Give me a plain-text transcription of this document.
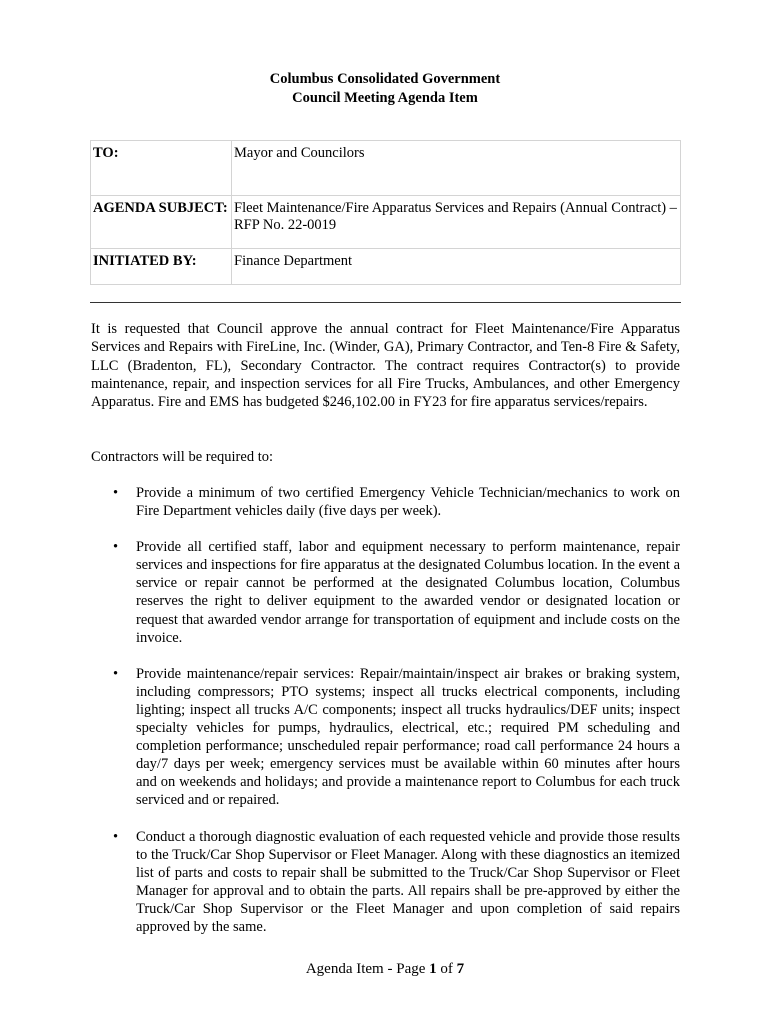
Columbus Consolidated Government
Council Meeting Agenda Item
TO:	Mayor and Councilors
AGENDA SUBJECT:	Fleet Maintenance/Fire Apparatus Services and Repairs (Annual Contract) – RFP No. 22-0019
INITIATED BY:	Finance Department

It is requested that Council approve the annual contract for Fleet Maintenance/Fire Apparatus Services and Repairs with FireLine, Inc. (Winder, GA), Primary Contractor, and Ten-8 Fire & Safety, LLC (Bradenton, FL), Secondary Contractor. The contract requires Contractor(s) to provide maintenance, repair, and inspection services for all Fire Trucks, Ambulances, and other Emergency Apparatus. Fire and EMS has budgeted $246,102.00 in FY23 for fire apparatus services/repairs.

Contractors will be required to:

• Provide a minimum of two certified Emergency Vehicle Technician/mechanics to work on Fire Department vehicles daily (five days per week).
• Provide all certified staff, labor and equipment necessary to perform maintenance, repair services and inspections for fire apparatus at the designated Columbus location. In the event a service or repair cannot be performed at the designated Columbus location, Columbus reserves the right to deliver equipment to the awarded vendor or designated location or request that awarded vendor arrange for transportation of equipment and include costs on the invoice.
• Provide maintenance/repair services: Repair/maintain/inspect air brakes or braking system, including compressors; PTO systems; inspect all trucks electrical components, including lighting; inspect all trucks A/C components; inspect all trucks hydraulics/DEF units; inspect specialty vehicles for pumps, hydraulics, electrical, etc.; required PM scheduling and completion performance; unscheduled repair performance; road call performance 24 hours a day/7 days per week; emergency services must be available within 60 minutes after hours and on weekends and holidays; and provide a maintenance report to Columbus for each truck serviced and or repaired.
• Conduct a thorough diagnostic evaluation of each requested vehicle and provide those results to the Truck/Car Shop Supervisor or Fleet Manager. Along with these diagnostics an itemized list of parts and costs to repair shall be submitted to the Truck/Car Shop Supervisor or Fleet Manager for approval and to obtain the parts. All repairs shall be pre-approved by either the Truck/Car Shop Supervisor or the Fleet Manager and upon completion of said repairs approved by the same.
Agenda Item - Page 1 of 7
